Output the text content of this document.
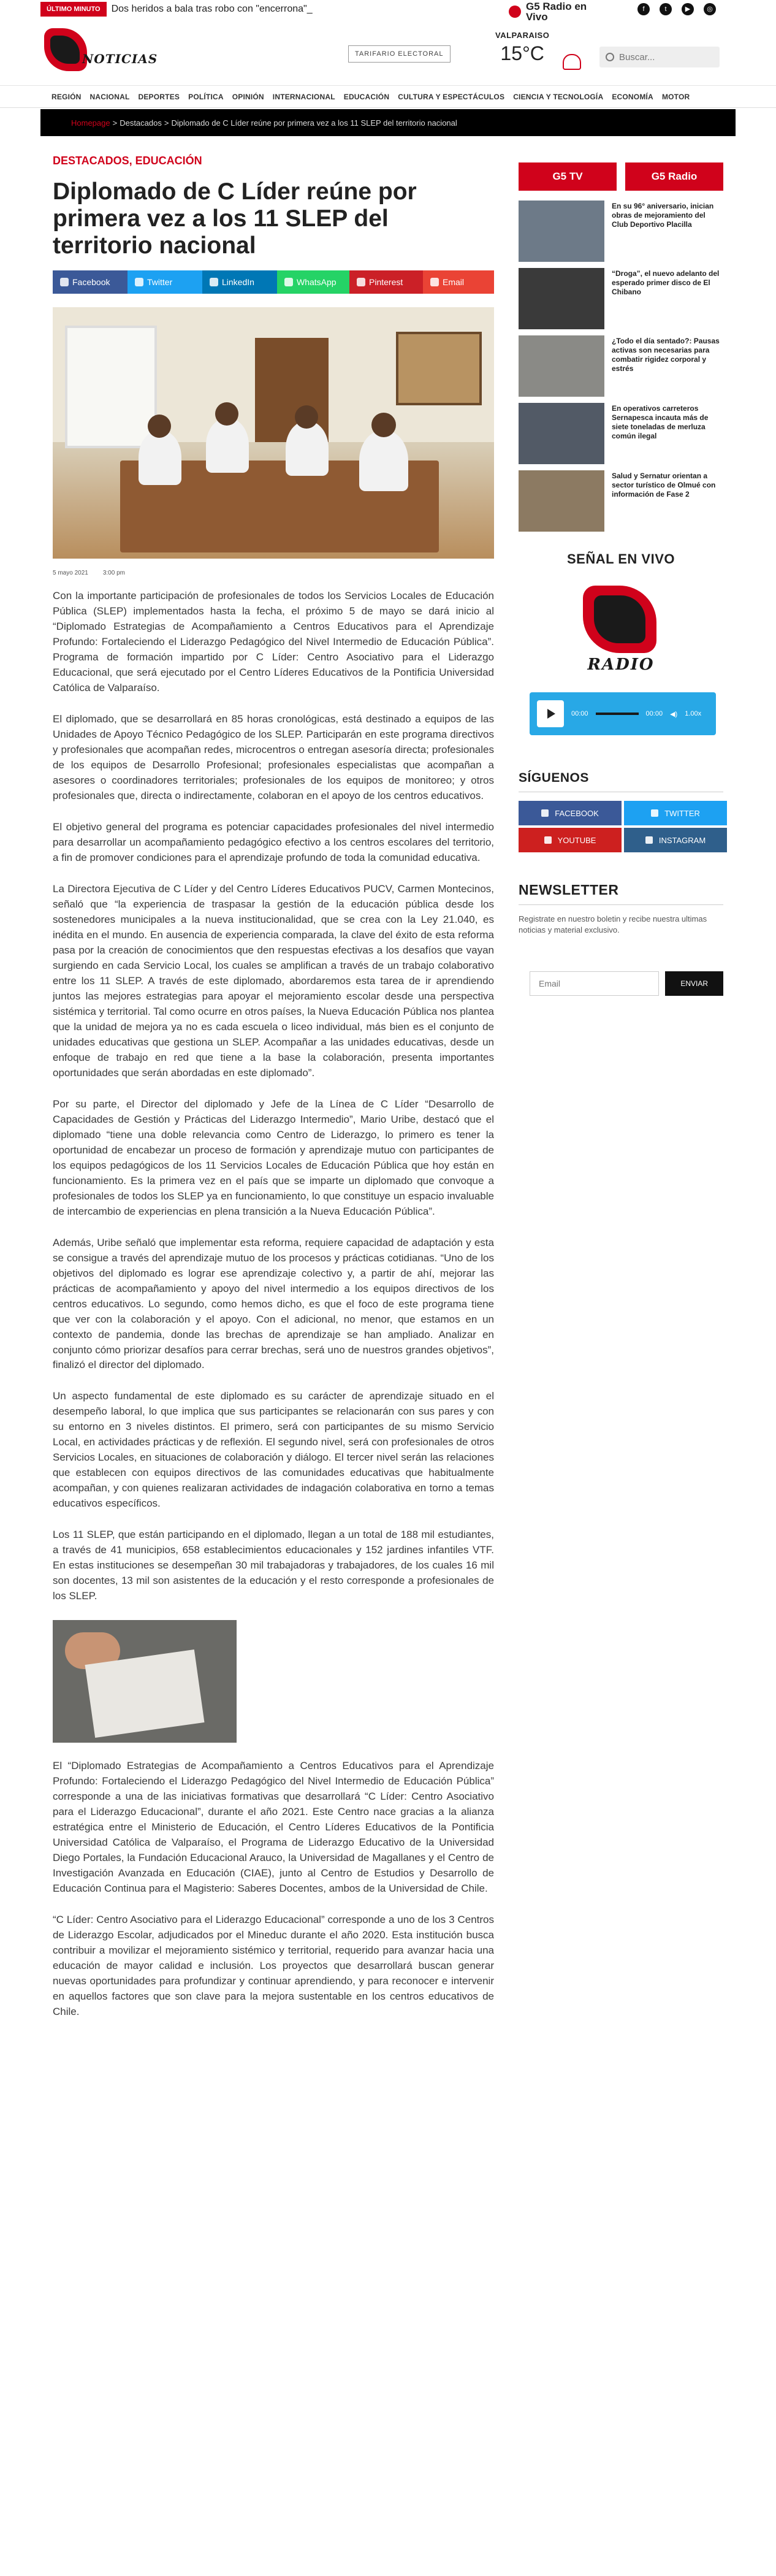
ÚLTIMO MINUTO	Dos heridos a bala tras robo con "encerrona"_	G5 Radio en Vivo
f	t	▶	◎
NOTICIAS	TARIFARIO ELECTORAL
VALPARAISO
15°C
Buscar...
REGIÓN NACIONAL DEPORTES POLÍTICA OPINIÓN INTERNACIONAL EDUCACIÓN CULTURA Y ESPECTÁCULOS CIENCIA Y TECNOLOGÍA ECONOMÍA MOTOR
Homepage > Destacados > Diplomado de C Líder reúne por primera vez a los 11 SLEP del territorio nacional
DESTACADOS, EDUCACIÓN
Diplomado de C Líder reúne por primera vez a los 11 SLEP del territorio nacional
Facebook	Twitter	LinkedIn	WhatsApp	Pinterest	Email
5 mayo 2021 3:00 pm

Con la importante participación de profesionales de todos los Servicios Locales de Educación Pública (SLEP) implementados hasta la fecha, el próximo 5 de mayo se dará inicio al “Diplomado Estrategias de Acompañamiento a Centros Educativos para el Aprendizaje Profundo: Fortaleciendo el Liderazgo Pedagógico del Nivel Intermedio de Educación Pública”. Programa de formación impartido por C Líder: Centro Asociativo para el Liderazgo Educacional, que será ejecutado por el Centro Líderes Educativos de la Pontificia Universidad Católica de Valparaíso.

El diplomado, que se desarrollará en 85 horas cronológicas, está destinado a equipos de las Unidades de Apoyo Técnico Pedagógico de los SLEP. Participarán en este programa directivos y profesionales que acompañan redes, microcentros o entregan asesoría directa; profesionales de los equipos de Desarrollo Profesional; profesionales especialistas que acompañan a asesores o coordinadores territoriales; profesionales de los equipos de monitoreo; y otros profesionales que, directa o indirectamente, colaboran en el apoyo de los centros educativos.

El objetivo general del programa es potenciar capacidades profesionales del nivel intermedio para desarrollar un acompañamiento pedagógico efectivo a los centros escolares del territorio, a fin de promover condiciones para el aprendizaje profundo de toda la comunidad educativa.

La Directora Ejecutiva de C Líder y del Centro Líderes Educativos PUCV, Carmen Montecinos, señaló que “la experiencia de traspasar la gestión de la educación pública desde los sostenedores municipales a la nueva institucionalidad, que se crea con la Ley 21.040, es inédita en el mundo. En ausencia de experiencia comparada, la clave del éxito de esta reforma pasa por la creación de conocimientos que den respuestas efectivas a los desafíos que vayan surgiendo en cada Servicio Local, los cuales se amplifican a través de un trabajo colaborativo entre los 11 SLEP. A través de este diplomado, abordaremos esta tarea de ir aprendiendo juntos las mejores estrategias para apoyar el mejoramiento escolar desde una perspectiva sistémica y territorial. Tal como ocurre en otros países, la Nueva Educación Pública nos plantea que la unidad de mejora ya no es cada escuela o liceo individual, más bien es el conjunto de unidades educativas que gestiona un SLEP. Acompañar a las unidades educativas, desde un enfoque de trabajo en red que tiene a la base la colaboración, presenta importantes oportunidades que serán abordadas en este diplomado”.

Por su parte, el Director del diplomado y Jefe de la Línea de C Líder “Desarrollo de Capacidades de Gestión y Prácticas del Liderazgo Intermedio”, Mario Uribe, destacó que el diplomado “tiene una doble relevancia como Centro de Liderazgo, lo primero es tener la oportunidad de encabezar un proceso de formación y aprendizaje mutuo con participantes de los equipos pedagógicos de los 11 Servicios Locales de Educación Pública que hoy están en funcionamiento. Es la primera vez en el país que se imparte un diplomado que convoque a profesionales de todos los SLEP ya en funcionamiento, lo que constituye un espacio invaluable de intercambio de experiencias en plena transición a la Nueva Educación Pública”.

Además, Uribe señaló que implementar esta reforma, requiere capacidad de adaptación y esta se consigue a través del aprendizaje mutuo de los procesos y prácticas cotidianas. “Uno de los objetivos del diplomado es lograr ese aprendizaje colectivo y, a partir de ahí, mejorar las prácticas de acompañamiento y apoyo del nivel intermedio a los equipos directivos de los centros educativos. Lo segundo, como hemos dicho, es que el foco de este programa tiene que ver con la colaboración y el apoyo. Con el adicional, no menor, que estamos en un contexto de pandemia, donde las brechas de aprendizaje se han ampliado. Analizar en conjunto cómo priorizar desafíos para cerrar brechas, será uno de nuestros grandes objetivos”, finalizó el director del diplomado.

Un aspecto fundamental de este diplomado es su carácter de aprendizaje situado en el desempeño laboral, lo que implica que sus participantes se relacionarán con sus pares y con su entorno en 3 niveles distintos. El primero, será con participantes de su mismo Servicio Local, en actividades prácticas y de reflexión. El segundo nivel, será con profesionales de otros Servicios Locales, en situaciones de colaboración y diálogo. El tercer nivel serán las relaciones que establecen con equipos directivos de las comunidades educativas que habitualmente acompañan, y con quienes realizaran actividades de indagación colaborativa en torno a temas educativos específicos.

Los 11 SLEP, que están participando en el diplomado, llegan a un total de 188 mil estudiantes, a través de 41 municipios, 658 establecimientos educacionales y 152 jardines infantiles VTF. En estas instituciones se desempeñan 30 mil trabajadoras y trabajadores, de los cuales 16 mil son docentes, 13 mil son asistentes de la educación y el resto corresponde a profesionales de los SLEP.

El “Diplomado Estrategias de Acompañamiento a Centros Educativos para el Aprendizaje Profundo: Fortaleciendo el Liderazgo Pedagógico del Nivel Intermedio de Educación Pública” corresponde a una de las iniciativas formativas que desarrollará “C Líder: Centro Asociativo para el Liderazgo Educacional”, durante el año 2021. Este Centro nace gracias a la alianza estratégica entre el Ministerio de Educación, el Centro Líderes Educativos de la Pontificia Universidad Católica de Valparaíso, el Programa de Liderazgo Educativo de la Universidad Diego Portales, la Fundación Educacional Arauco, la Universidad de Magallanes y el Centro de Investigación Avanzada en Educación (CIAE), junto al Centro de Estudios y Desarrollo de Educación Continua para el Magisterio: Saberes Docentes, ambos de la Universidad de Chile.

“C Líder: Centro Asociativo para el Liderazgo Educacional” corresponde a uno de los 3 Centros de Liderazgo Escolar, adjudicados por el Mineduc durante el año 2020. Esta institución busca contribuir a movilizar el mejoramiento sistémico y territorial, requerido para avanzar hacia una educación de mayor calidad e inclusión. Los proyectos que desarrollará buscan generar nuevas oportunidades para profundizar y continuar aprendiendo, y para reconocer e intervenir en aquellos factores que son clave para la mejora sustentable en los centros educativos de Chile.

G5 TV	G5 Radio
En su 96° aniversario, inician obras de mejoramiento del Club Deportivo Placilla
“Droga”, el nuevo adelanto del esperado primer disco de El Chibano
¿Todo el día sentado?: Pausas activas son necesarias para combatir rigidez corporal y estrés
En operativos carreteros Sernapesca incauta más de siete toneladas de merluza común ilegal
Salud y Sernatur orientan a sector turístico de Olmué con información de Fase 2
SEÑAL EN VIVO
RADIO
00:00	00:00 ◀) 1.00x
SÍGUENOS
FACEBOOK	TWITTER
YOUTUBE	INSTAGRAM
NEWSLETTER
Registrate en nuestro boletin y recibe nuestra ultimas noticias y material exclusivo.
Email
ENVIAR
